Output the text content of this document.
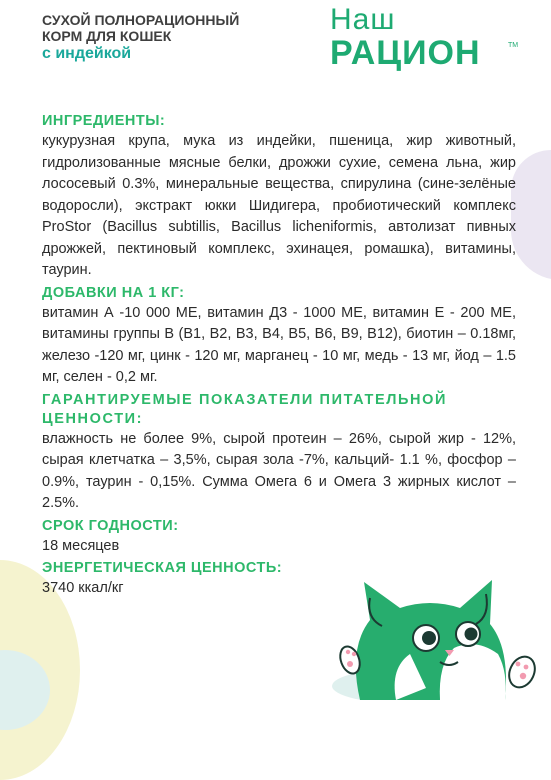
СУХОЙ ПОЛНОРАЦИОННЫЙ
КОРМ ДЛЯ КОШЕК
с индейкой
Наш
РАЦИОН	TM
ИНГРЕДИЕНТЫ:
кукурузная крупа, мука из индейки, пшеница, жир животный, гидролизованные мясные белки, дрожжи сухие, семена льна, жир лососевый 0.3%, минеральные вещества, спирулина (сине-зелёные водоросли), экстракт юкки Шидигера, пробиотический комплекс ProStor (Bacillus subtillis, Bacillus licheniformis, автолизат пивных дрожжей, пектиновый комплекс, эхинацея, ромашка), витамины, таурин.
ДОБАВКИ НА 1 КГ:
витамин А -10 000 МЕ, витамин Д3 - 1000 МЕ, витамин Е - 200 МЕ, витамины группы В (В1, В2, В3, В4, В5, В6, В9, В12), биотин – 0.18мг, железо -120 мг, цинк - 120 мг, марганец - 10 мг, медь - 13 мг, йод – 1.5 мг, селен - 0,2 мг.
ГАРАНТИРУЕМЫЕ ПОКАЗАТЕЛИ ПИТАТЕЛЬНОЙ ЦЕННОСТИ:
влажность не более 9%, сырой протеин – 26%, сырой жир - 12%, сырая клетчатка – 3,5%, сырая зола -7%, кальций- 1.1 %, фосфор – 0.9%, таурин - 0,15%. Сумма Омега 6 и Омега 3 жирных кислот – 2.5%.
СРОК ГОДНОСТИ:
18 месяцев
ЭНЕРГЕТИЧЕСКАЯ ЦЕННОСТЬ:
3740 ккал/кг
